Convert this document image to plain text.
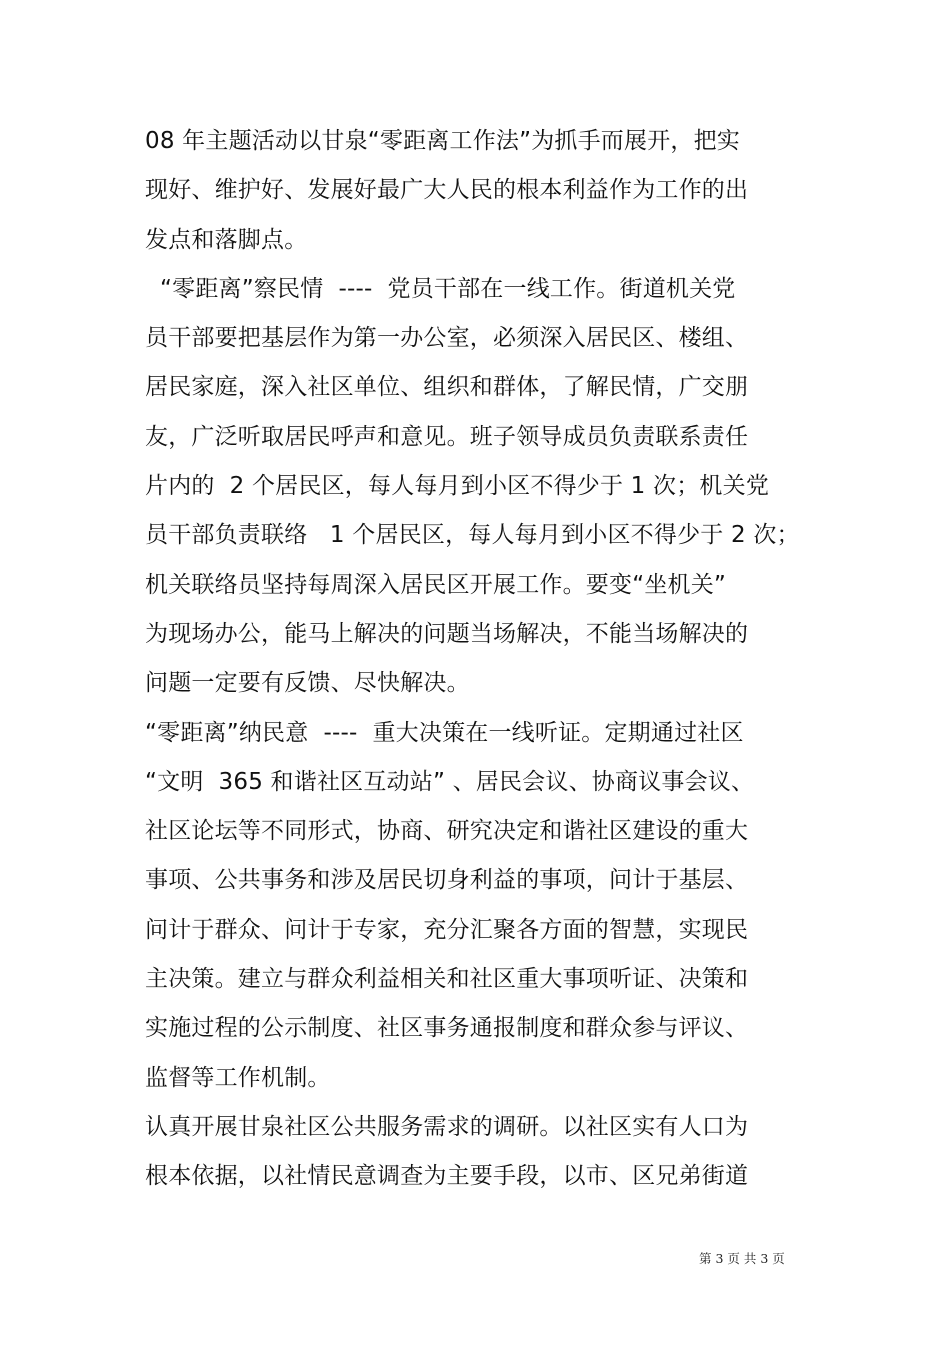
08 年主题活动以甘泉“零距离工作法”为抓手而展开，把实
现好、维护好、发展好最广大人民的根本利益作为工作的出
发点和落脚点。
“零距离”察民情  ----  党员干部在一线工作。街道机关党
员干部要把基层作为第一办公室，必须深入居民区、楼组、
居民家庭，深入社区单位、组织和群体，了解民情，广交朋
友，广泛听取居民呼声和意见。班子领导成员负责联系责任
片内的  2 个居民区，每人每月到小区不得少于 1 次；机关党
员干部负责联络   1 个居民区，每人每月到小区不得少于 2 次；
机关联络员坚持每周深入居民区开展工作。要变“坐机关”
为现场办公，能马上解决的问题当场解决，不能当场解决的
问题一定要有反馈、尽快解决。
“零距离”纳民意  ----  重大决策在一线听证。定期通过社区
“文明  365 和谐社区互动站” 、居民会议、协商议事会议、
社区论坛等不同形式，协商、研究决定和谐社区建设的重大
事项、公共事务和涉及居民切身利益的事项，问计于基层、
问计于群众、问计于专家，充分汇聚各方面的智慧，实现民
主决策。建立与群众利益相关和社区重大事项听证、决策和
实施过程的公示制度、社区事务通报制度和群众参与评议、
监督等工作机制。
认真开展甘泉社区公共服务需求的调研。以社区实有人口为
根本依据，以社情民意调查为主要手段，以市、区兄弟街道
第 3 页 共 3 页
